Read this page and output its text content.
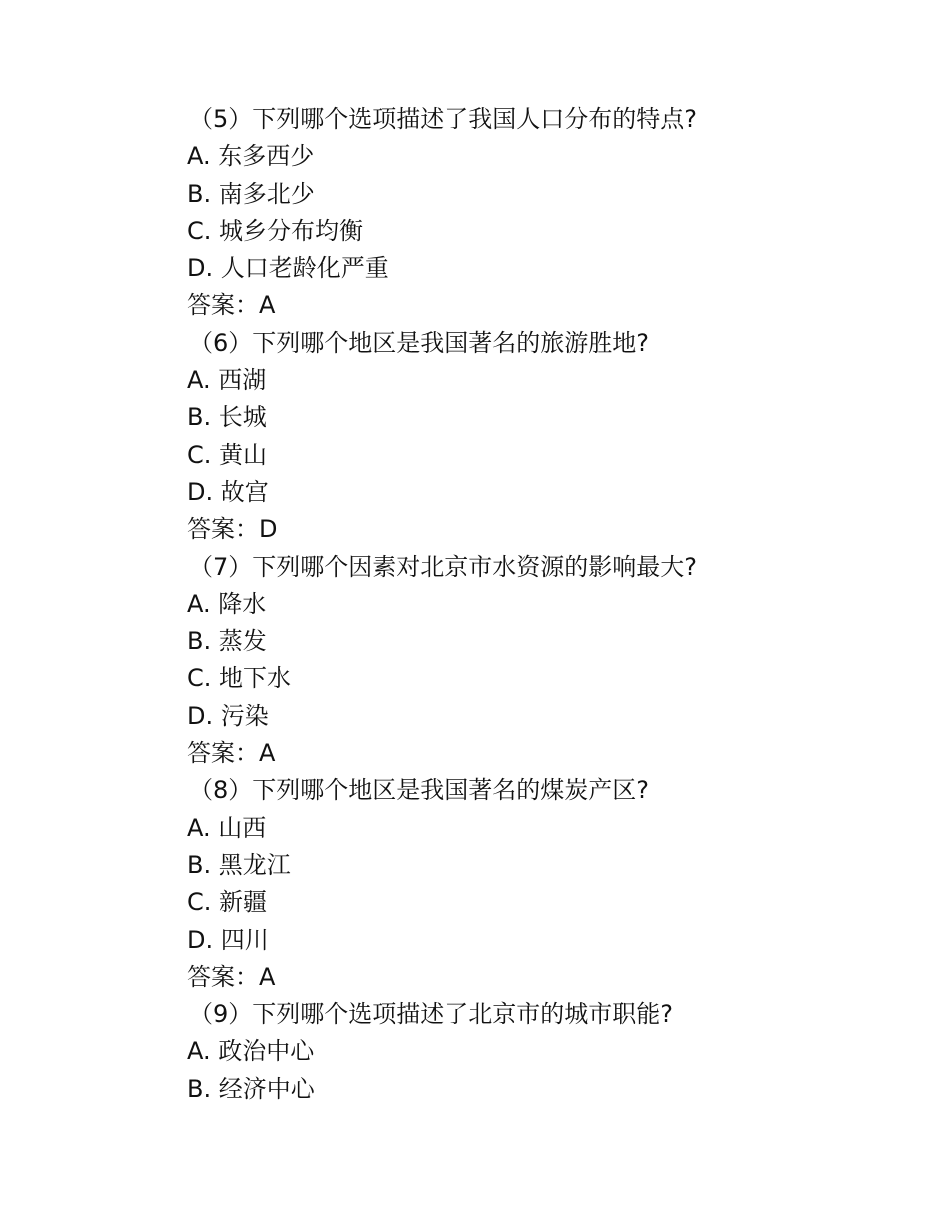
（5）下列哪个选项描述了我国人口分布的特点?
A. 东多西少
B. 南多北少
C. 城乡分布均衡
D. 人口老龄化严重
答案：A
（6）下列哪个地区是我国著名的旅游胜地?
A. 西湖
B. 长城
C. 黄山
D. 故宫
答案：D
（7）下列哪个因素对北京市水资源的影响最大?
A. 降水
B. 蒸发
C. 地下水
D. 污染
答案：A
（8）下列哪个地区是我国著名的煤炭产区?
A. 山西
B. 黑龙江
C. 新疆
D. 四川
答案：A
（9）下列哪个选项描述了北京市的城市职能?
A. 政治中心
B. 经济中心
